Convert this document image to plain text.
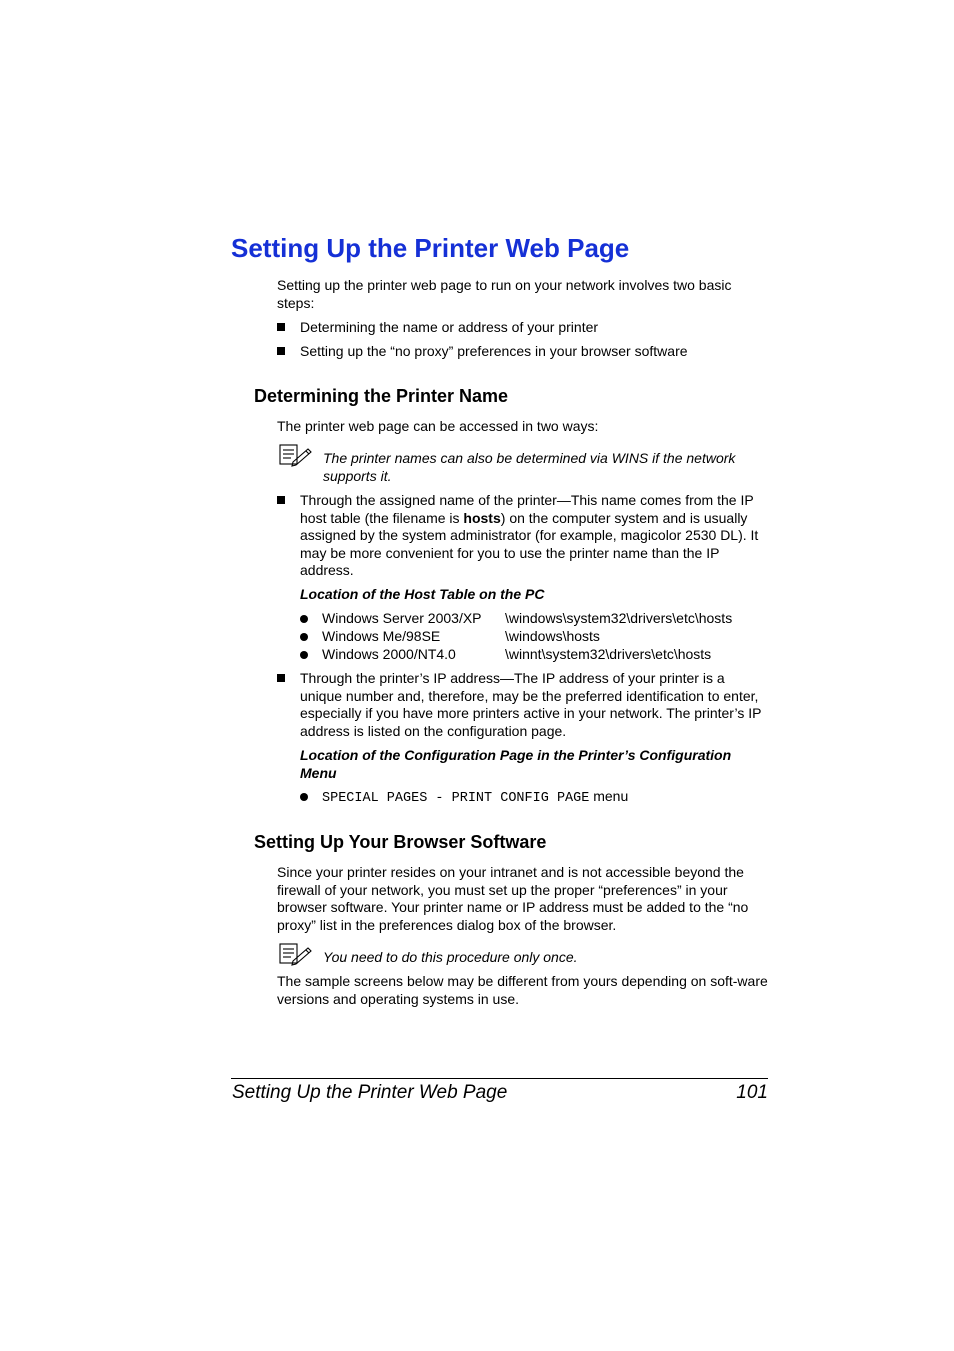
Setting Up the Printer Web Page
Setting up the printer web page to run on your network involves two basic steps:
Determining the name or address of your printer
Setting up the “no proxy” preferences in your browser software
Determining the Printer Name
The printer web page can be accessed in two ways:
The printer names can also be determined via WINS if the network supports it.
Through the assigned name of the printer—This name comes from the IP host table (the filename is hosts) on the computer system and is usually assigned by the system administrator (for example, magicolor 2530 DL). It may be more convenient for you to use the printer name than the IP address.
Location of the Host Table on the PC
Windows Server 2003/XP \windows\system32\drivers\etc\hosts
Windows Me/98SE	\windows\hosts
Windows 2000/NT4.0	\winnt\system32\drivers\etc\hosts
Through the printer’s IP address—The IP address of your printer is a unique number and, therefore, may be the preferred identification to enter, especially if you have more printers active in your network. The printer’s IP address is listed on the configuration page.
Location of the Configuration Page in the Printer’s Configuration Menu
SPECIAL PAGES - PRINT CONFIG PAGE menu
Setting Up Your Browser Software
Since your printer resides on your intranet and is not accessible beyond the firewall of your network, you must set up the proper “preferences” in your browser software. Your printer name or IP address must be added to the “no proxy” list in the preferences dialog box of the browser.
You need to do this procedure only once.
The sample screens below may be different from yours depending on soft-ware versions and operating systems in use.
Setting Up the Printer Web Page	101
